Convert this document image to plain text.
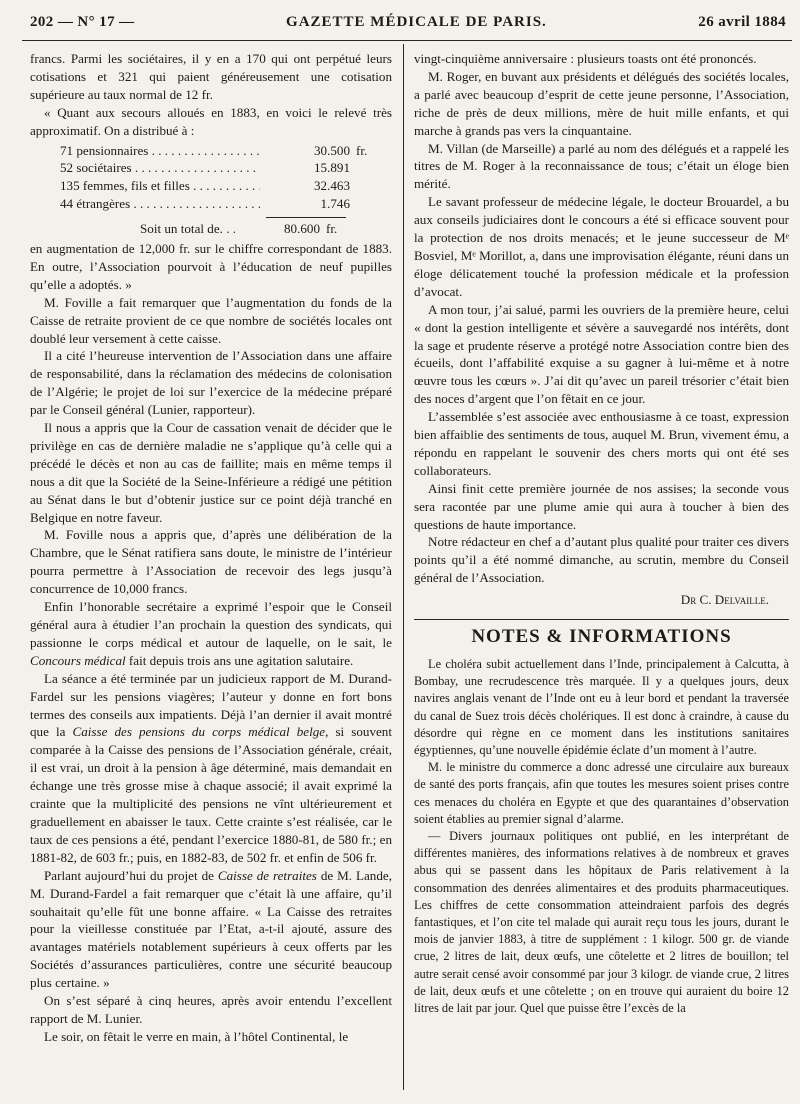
202 — N° 17 —	GAZETTE MÉDICALE DE PARIS.	26 avril 1884

francs. Parmi les sociétaires, il y en a 170 qui ont perpétué leurs cotisations et 321 qui paient généreusement une cotisation supérieure au taux normal de 12 fr.

« Quant aux secours alloués en 1883, en voici le relevé très approximatif. On a distribué à :

71 pensionnaires . . .	30.500 fr.
52 sociétaires . . .	15.891
135 femmes, fils et filles . . .	32.463
44 étrangères . . .	1.746
Soit un total de. . .	80.600 fr.

en augmentation de 12,000 fr. sur le chiffre correspondant de 1883. En outre, l’Association pourvoit à l’éducation de neuf pupilles qu’elle a adoptés. »

M. Foville a fait remarquer que l’augmentation du fonds de la Caisse de retraite provient de ce que nombre de sociétés locales ont doublé leur versement à cette caisse.

Il a cité l’heureuse intervention de l’Association dans une affaire de responsabilité, dans la réclamation des médecins de colonisation de l’Algérie; le projet de loi sur l’exercice de la médecine préparé par le Conseil général (Lunier, rapporteur).

Il nous a appris que la Cour de cassation venait de décider que le privilège en cas de dernière maladie ne s’applique qu’à celle qui a précédé le décès et non au cas de faillite; mais en même temps il nous a dit que la Société de la Seine-Inférieure a rédigé une pétition au Sénat dans le but d’obtenir justice sur ce point déjà tranché en Belgique en notre faveur.

M. Foville nous a appris que, d’après une délibération de la Chambre, que le Sénat ratifiera sans doute, le ministre de l’intérieur pourra permettre à l’Association de recevoir des legs jusqu’à concurrence de 10,000 francs.

Enfin l’honorable secrétaire a exprimé l’espoir que le Conseil général aura à étudier l’an prochain la question des syndicats, qui passionne le corps médical et autour de laquelle, on le sait, le Concours médical fait depuis trois ans une agitation salutaire.

La séance a été terminée par un judicieux rapport de M. Durand-Fardel sur les pensions viagères; l’auteur y donne en fort bons termes des conseils aux impatients. Déjà l’an dernier il avait montré que la Caisse des pensions du corps médical belge, si souvent comparée à la Caisse des pensions de l’Association générale, créait, il est vrai, un droit à la pension à âge déterminé, mais demandait en échange une très grosse mise à chaque associé; il avait exprimé la crainte que la multiplicité des pensions ne vînt ultérieurement et graduellement en abaisser le taux. Cette crainte s’est réalisée, car le taux de ces pensions a été, pendant l’exercice 1880-81, de 580 fr.; en 1881-82, de 603 fr.; puis, en 1882-83, de 502 fr. et enfin de 506 fr.

Parlant aujourd’hui du projet de Caisse de retraites de M. Lande, M. Durand-Fardel a fait remarquer que c’était là une affaire, qu’il souhaitait qu’elle fût une bonne affaire. « La Caisse des retraites pour la vieillesse constituée par l’Etat, a-t-il ajouté, assure des avantages matériels notablement supérieurs à ceux offerts par les Sociétés d’assurances particulières, contre une sécurité beaucoup plus certaine. »

On s’est séparé à cinq heures, après avoir entendu l’excellent rapport de M. Lunier.

Le soir, on fêtait le verre en main, à l’hôtel Continental, le

vingt-cinquième anniversaire : plusieurs toasts ont été prononcés.

M. Roger, en buvant aux présidents et délégués des sociétés locales, a parlé avec beaucoup d’esprit de cette jeune personne, l’Association, riche de près de deux millions, mère de huit mille enfants, et qui marche à grands pas vers la cinquantaine.

M. Villan (de Marseille) a parlé au nom des délégués et a rappelé les titres de M. Roger à la reconnaissance de tous; c’était un éloge bien mérité.

Le savant professeur de médecine légale, le docteur Brouardel, a bu aux conseils judiciaires dont le concours a été si efficace souvent pour la protection de nos droits menacés; et le jeune successeur de Mᵉ Bosviel, Mᵉ Morillot, a, dans une improvisation élégante, réuni dans un éloge délicatement touché la profession médicale et la profession d’avocat.

A mon tour, j’ai salué, parmi les ouvriers de la première heure, celui « dont la gestion intelligente et sévère a sauvegardé nos intérêts, dont la sage et prudente réserve a protégé notre Association contre bien des écueils, dont l’affabilité exquise a su gagner à lui-même et à notre œuvre tous les cœurs ». J’ai dit qu’avec un pareil trésorier c’était bien des noces d’argent que l’on fêtait en ce jour.

L’assemblée s’est associée avec enthousiasme à ce toast, expression bien affaiblie des sentiments de tous, auquel M. Brun, vivement ému, a répondu en rappelant le souvenir des chers morts qui ont été ses collaborateurs.

Ainsi finit cette première journée de nos assises; la seconde vous sera racontée par une plume amie qui aura à toucher à bien des questions de haute importance.

Notre rédacteur en chef a d’autant plus qualité pour traiter ces divers points qu’il a été nommé dimanche, au scrutin, membre du Conseil général de l’Association.

Dr C. Delvaille.
NOTES & INFORMATIONS

Le choléra subit actuellement dans l’Inde, principalement à Calcutta, à Bombay, une recrudescence très marquée. Il y a quelques jours, deux navires anglais venant de l’Inde ont eu à leur bord et pendant la traversée du canal de Suez trois décès cholériques. Il est donc à craindre, à cause du désordre qui règne en ce moment dans les institutions sanitaires égyptiennes, qu’une nouvelle épidémie éclate d’un moment à l’autre.

M. le ministre du commerce a donc adressé une circulaire aux bureaux de santé des ports français, afin que toutes les mesures soient prises contre ces menaces du choléra en Egypte et que des quarantaines d’observation soient établies au premier signal d’alarme.

— Divers journaux politiques ont publié, en les interprétant de différentes manières, des informations relatives à de nombreux et graves abus qui se passent dans les hôpitaux de Paris relativement à la consommation des denrées alimentaires et des produits pharmaceutiques. Les chiffres de cette consommation atteindraient parfois des degrés fantastiques, et l’on cite tel malade qui aurait reçu tous les jours, durant le mois de janvier 1883, à titre de supplément : 1 kilogr. 500 gr. de viande crue, 2 litres de lait, deux œufs, une côtelette et 2 litres de bouillon; tel autre serait censé avoir consommé par jour 3 kilogr. de viande crue, 2 litres de lait, deux œufs et une côtelette ; on en trouve qui auraient du boire 12 litres de lait par jour. Quel que puisse être l’excès de la
